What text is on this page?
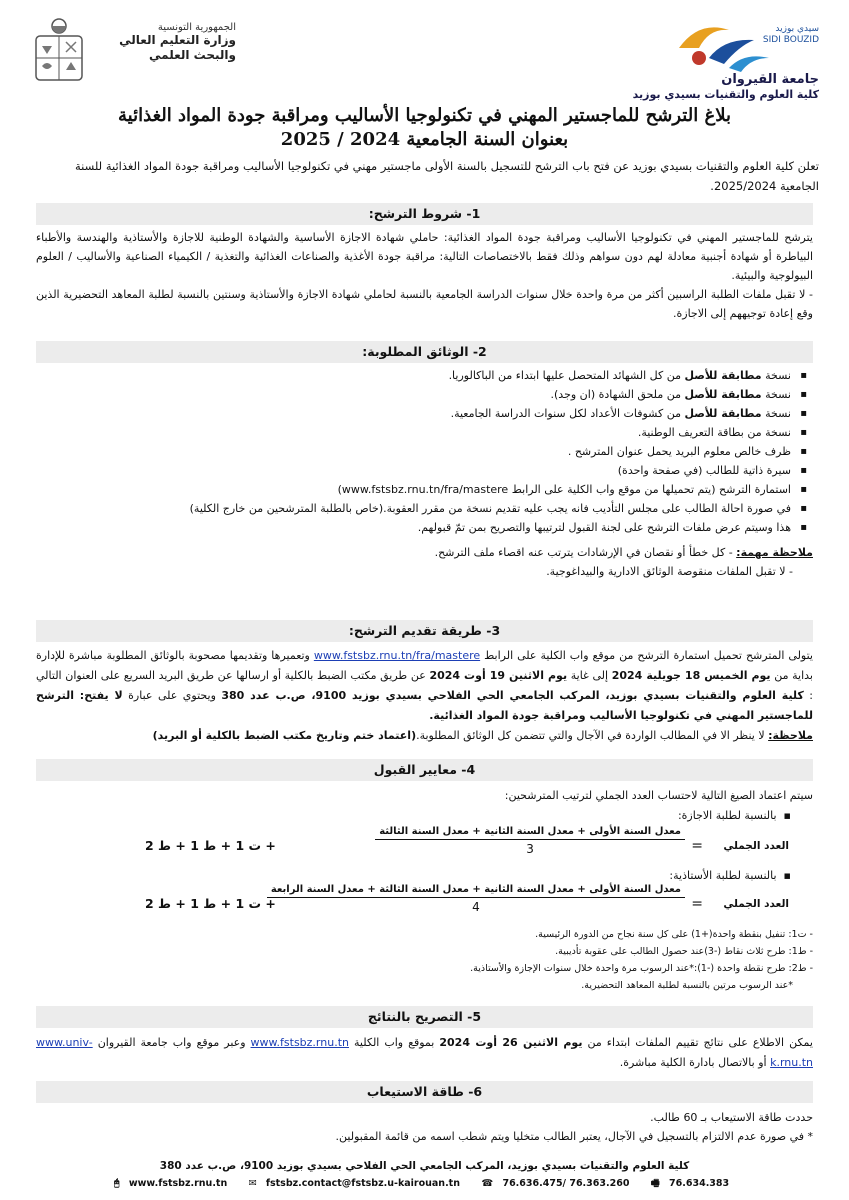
سيدي بوزيد
SIDI BOUZID
جامعة القيروان
كلية العلوم والتقنيات بسيدي بوزيد
الجمهورية التونسية
وزارة التعليم العالي والبحث العلمي
بلاغ الترشح للماجستير المهني في تكنولوجيا الأساليب ومراقبة جودة المواد الغذائية
بعنوان السنة الجامعية 2024 / 2025
تعلن كلية العلوم والتقنيات بسيدي بوزيد عن فتح باب الترشح للتسجيل بالسنة الأولى ماجستير مهني في تكنولوجيا الأساليب ومراقبة جودة المواد الغذائية للسنة الجامعية 2025/2024.
1- شروط الترشح:

يترشح للماجستير المهني في تكنولوجيا الأساليب ومراقبة جودة المواد الغذائية: حاملي شهادة الاجازة الأساسية والشهادة الوطنية للاجازة والأستاذية والهندسة والأطباء البياطرة أو شهادة أجنبية معادلة لهم دون سواهم وذلك فقط بالاختصاصات التالية: مراقبة جودة الأغذية والصناعات الغذائية والتغذية / الكيمياء الصناعية والأساليب / العلوم البيولوجية والبيئية.

- لا تقبل ملفات الطلبة الراسبين أكثر من مرة واحدة خلال سنوات الدراسة الجامعية بالنسبة لحاملي شهادة الاجازة والأستاذية وسنتين بالنسبة لطلبة المعاهد التحضيرية الذين وقع إعادة توجيههم إلى الاجازة.

2- الوثائق المطلوبة:
▪ نسخة مطابقة للأصل من كل الشهائد المتحصل عليها ابتداء من الباكالوريا.
▪ نسخة مطابقة للأصل من ملحق الشهادة (ان وجد).
▪ نسخة مطابقة للأصل من كشوفات الأعداد لكل سنوات الدراسة الجامعية.
▪ نسخة من بطاقة التعريف الوطنية.
▪ ظرف خالص معلوم البريد يحمل عنوان المترشح .
▪ سيرة ذاتية للطالب (في صفحة واحدة)
▪ استمارة الترشح (يتم تحميلها من موقع واب الكلية على الرابط www.fstsbz.rnu.tn/fra/mastere)
▪ في صورة احالة الطالب على مجلس التأديب فانه يجب عليه تقديم نسخة من مقرر العقوبة.(خاص بالطلبة المترشحين من خارج الكلية)
▪ هذا وسيتم عرض ملفات الترشح على لجنة القبول لترتيبها والتصريح بمن تمّ قبولهم.
ملاحظة مهمة: - كل خطأ أو نقصان في الإرشادات يترتب عنه اقصاء ملف الترشح.
- لا تقبل الملفات منقوصة الوثائق الادارية والبيداغوجية.
3- طريقة تقديم الترشح:
يتولى المترشح تحميل استمارة الترشح من موقع واب الكلية على الرابط www.fstsbz.rnu.tn/fra/mastere وتعميرها وتقديمها مصحوبة بالوثائق المطلوبة مباشرة للإدارة بداية من يوم الخميس 18 جويلية 2024 إلى غاية يوم الاثنين 19 أوت 2024 عن طريق مكتب الضبط بالكلية أو ارسالها عن طريق البريد السريع على العنوان التالي : كلية العلوم والتقنيات بسيدي بوزيد، المركب الجامعي الحي الفلاحي بسيدي بوزيد 9100، ص.ب عدد 380 ويحتوي على عبارة لا يفتح: الترشح للماجستير المهني في تكنولوجيا الأساليب ومراقبة جودة المواد الغذائية.
ملاحظة: لا ينظر الا في المطالب الواردة في الآجال والتي تتضمن كل الوثائق المطلوبة.(اعتماد ختم وتاريخ مكتب الضبط بالكلية أو البريد)
4- معايير القبول
سيتم اعتماد الصيغ التالية لاحتساب العدد الجملي لترتيب المترشحين:
▪  بالنسبة لطلبة الاجازة:
العدد الجملي
=
معدل السنة الأولى + معدل السنة الثانية + معدل السنة الثالثة
3
+ ت 1 + ط 1 + ط 2
▪  بالنسبة لطلبة الأستاذية:
العدد الجملي
=
معدل السنة الأولى + معدل السنة الثانية + معدل السنة الثالثة + معدل السنة الرابعة
4
+ ت 1 + ط 1 + ط 2
- ت1: تنفيل بنقطة واحدة(+1) على كل سنة نجاح من الدورة الرئيسية.
- ط1: طرح ثلاث نقاط (-3)عند حصول الطالب على عقوبة تأديبية.
- ط2: طرح نقطة واحدة (-1):*عند الرسوب مرة واحدة خلال سنوات الإجازة والأستاذية.
*عند الرسوب مرتين بالنسبة لطلبة المعاهد التحضيرية.
5- التصريح بالنتائج
يمكن الاطلاع على نتائج تقييم الملفات ابتداء من يوم الاثنين 26 أوت 2024 بموقع واب الكلية www.fstsbz.rnu.tn وعبر موقع واب جامعة القيروان www.univ-k.rnu.tn أو بالاتصال بادارة الكلية مباشرة.
6- طاقة الاستيعاب
حددت طاقة الاستيعاب بـ 60 طالب.
* في صورة عدم الالتزام بالتسجيل في الآجال، يعتبر الطالب متخليا ويتم شطب اسمه من قائمة المقبولين.
كلية العلوم والتقنيات بسيدي بوزيد، المركب الجامعي الحي الفلاحي بسيدي بوزيد 9100، ص.ب عدد 380
🖰 www.fstsbz.rnu.tn ✉ fstsbz.contact@fstsbz.u-kairouan.tn ☎ 76.636.475/ 76.363.260 🖷 76.634.383
